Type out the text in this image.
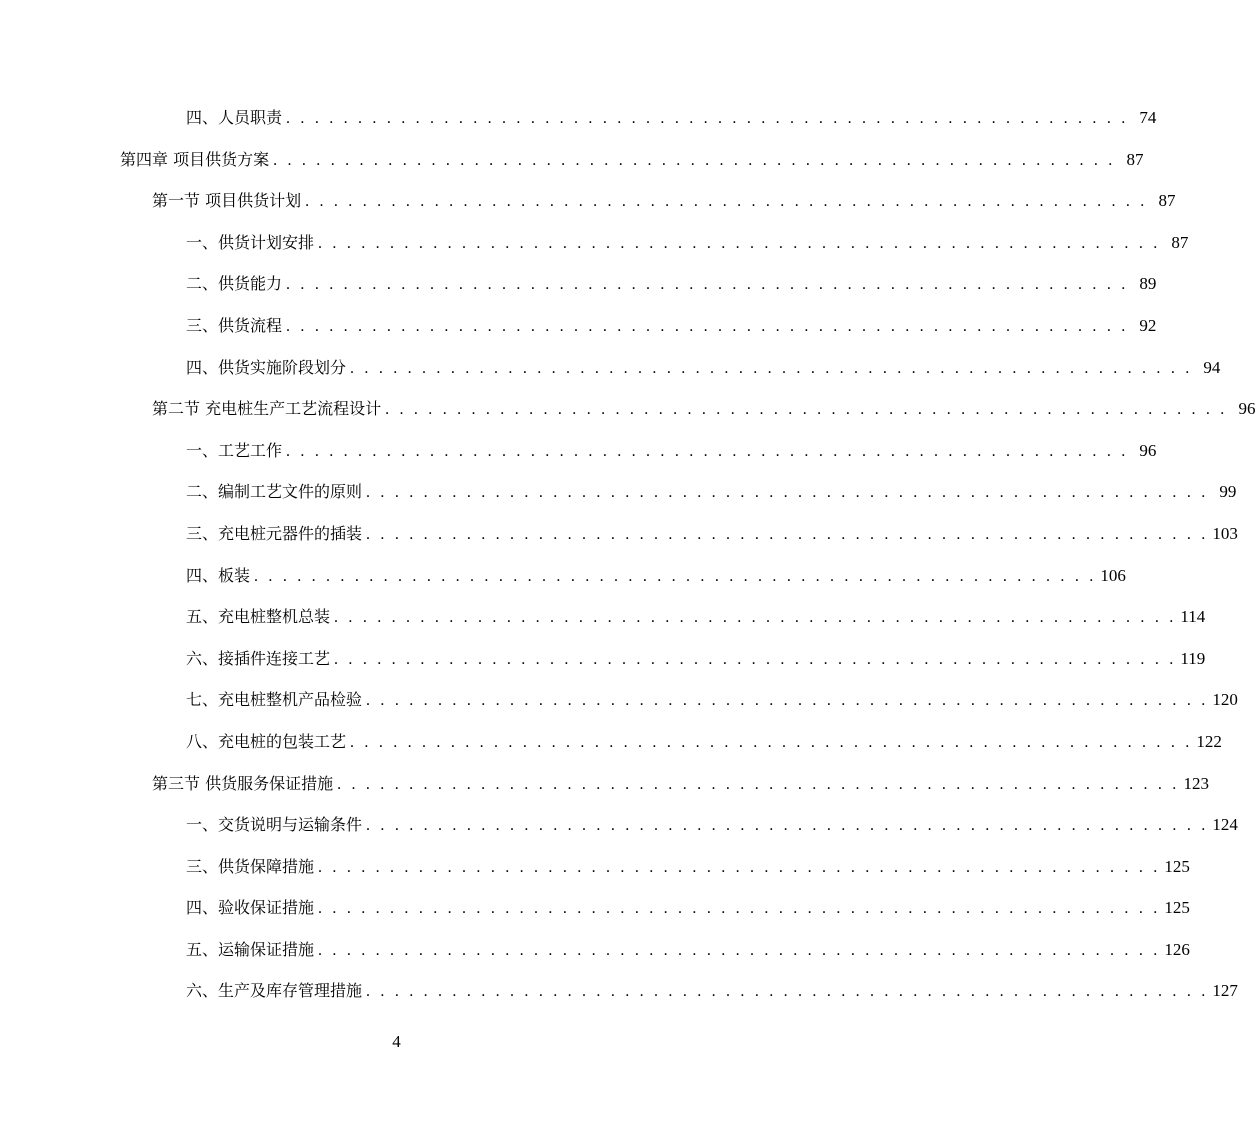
四、人员职责 . . . . . . . . . . . . . . . . . . . . . . . . . . . . . . . . . . . . . . . . . . . . . . . . . . . . . . . . . . . 74
第四章 项目供货方案 . . . . . . . . . . . . . . . . . . . . . . . . . . . . . . . . . . . . . . . . . . . . . . . . . . . . . . . . . . . 87
第一节 项目供货计划 . . . . . . . . . . . . . . . . . . . . . . . . . . . . . . . . . . . . . . . . . . . . . . . . . . . . . . . . . . . 87
一、供货计划安排 . . . . . . . . . . . . . . . . . . . . . . . . . . . . . . . . . . . . . . . . . . . . . . . . . . . . . . . . . . . 87
二、供货能力 . . . . . . . . . . . . . . . . . . . . . . . . . . . . . . . . . . . . . . . . . . . . . . . . . . . . . . . . . . . 89
三、供货流程 . . . . . . . . . . . . . . . . . . . . . . . . . . . . . . . . . . . . . . . . . . . . . . . . . . . . . . . . . . . 92
四、供货实施阶段划分 . . . . . . . . . . . . . . . . . . . . . . . . . . . . . . . . . . . . . . . . . . . . . . . . . . . . . . . . . . . 94
第二节 充电桩生产工艺流程设计 . . . . . . . . . . . . . . . . . . . . . . . . . . . . . . . . . . . . . . . . . . . . . . . . . . . . . . . . . . . 96
一、工艺工作 . . . . . . . . . . . . . . . . . . . . . . . . . . . . . . . . . . . . . . . . . . . . . . . . . . . . . . . . . . . 96
二、编制工艺文件的原则 . . . . . . . . . . . . . . . . . . . . . . . . . . . . . . . . . . . . . . . . . . . . . . . . . . . . . . . . . . . 99
三、充电桩元器件的插装 . . . . . . . . . . . . . . . . . . . . . . . . . . . . . . . . . . . . . . . . . . . . . . . . . . . . . . . . . . . 103
四、板装 . . . . . . . . . . . . . . . . . . . . . . . . . . . . . . . . . . . . . . . . . . . . . . . . . . . . . . . . . . . 106
五、充电桩整机总装 . . . . . . . . . . . . . . . . . . . . . . . . . . . . . . . . . . . . . . . . . . . . . . . . . . . . . . . . . . . 114
六、接插件连接工艺 . . . . . . . . . . . . . . . . . . . . . . . . . . . . . . . . . . . . . . . . . . . . . . . . . . . . . . . . . . . 119
七、充电桩整机产品检验 . . . . . . . . . . . . . . . . . . . . . . . . . . . . . . . . . . . . . . . . . . . . . . . . . . . . . . . . . . . 120
八、充电桩的包装工艺 . . . . . . . . . . . . . . . . . . . . . . . . . . . . . . . . . . . . . . . . . . . . . . . . . . . . . . . . . . . 122
第三节 供货服务保证措施 . . . . . . . . . . . . . . . . . . . . . . . . . . . . . . . . . . . . . . . . . . . . . . . . . . . . . . . . . . . 123
一、交货说明与运输条件 . . . . . . . . . . . . . . . . . . . . . . . . . . . . . . . . . . . . . . . . . . . . . . . . . . . . . . . . . . . 124
三、供货保障措施 . . . . . . . . . . . . . . . . . . . . . . . . . . . . . . . . . . . . . . . . . . . . . . . . . . . . . . . . . . . 125
四、验收保证措施 . . . . . . . . . . . . . . . . . . . . . . . . . . . . . . . . . . . . . . . . . . . . . . . . . . . . . . . . . . . 125
五、运输保证措施 . . . . . . . . . . . . . . . . . . . . . . . . . . . . . . . . . . . . . . . . . . . . . . . . . . . . . . . . . . . 126
六、生产及库存管理措施 . . . . . . . . . . . . . . . . . . . . . . . . . . . . . . . . . . . . . . . . . . . . . . . . . . . . . . . . . . . 127
4
